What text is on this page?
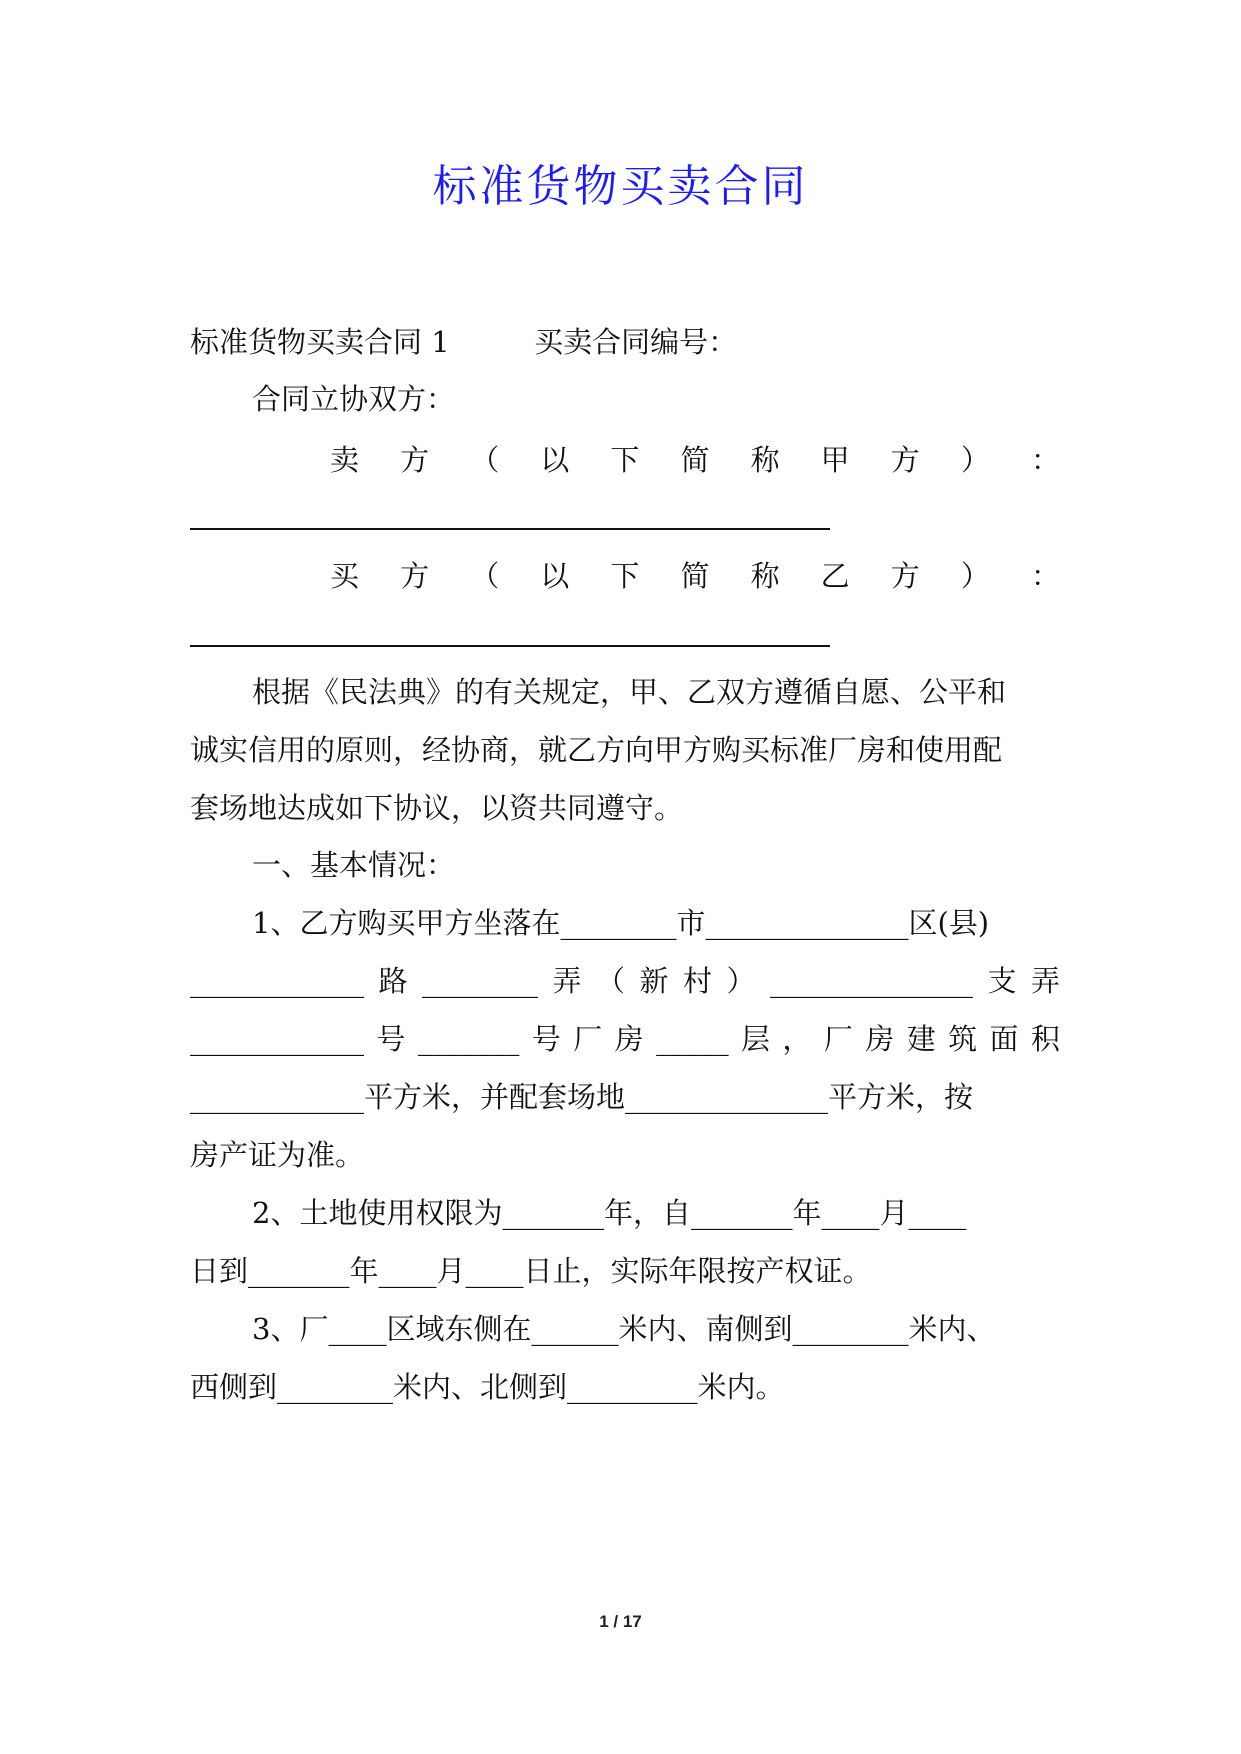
标准货物买卖合同
标准货物买卖合同 1	买卖合同编号：
合同立协双方：
卖 方 （ 以 下 简 称 甲 方 ） ：
买 方 （ 以 下 简 称 乙 方 ） ：
根据《民法典》的有关规定，甲、乙双方遵循自愿、公平和
诚实信用的原则，经协商，就乙方向甲方购买标准厂房和使用配
套场地达成如下协议，以资共同遵守。
一、基本情况：
1、乙方购买甲方坐落在________市______________区(县)
____________路________弄（新村）______________支弄
____________号_______号厂房_____层，厂房建筑面积
____________平方米，并配套场地______________平方米，按
房产证为准。
2、土地使用权限为_______年，自_______年____月____
日到_______年____月____日止，实际年限按产权证。
3、厂____区域东侧在______米内、南侧到________米内、
西侧到________米内、北侧到_________米内。
1 / 17
